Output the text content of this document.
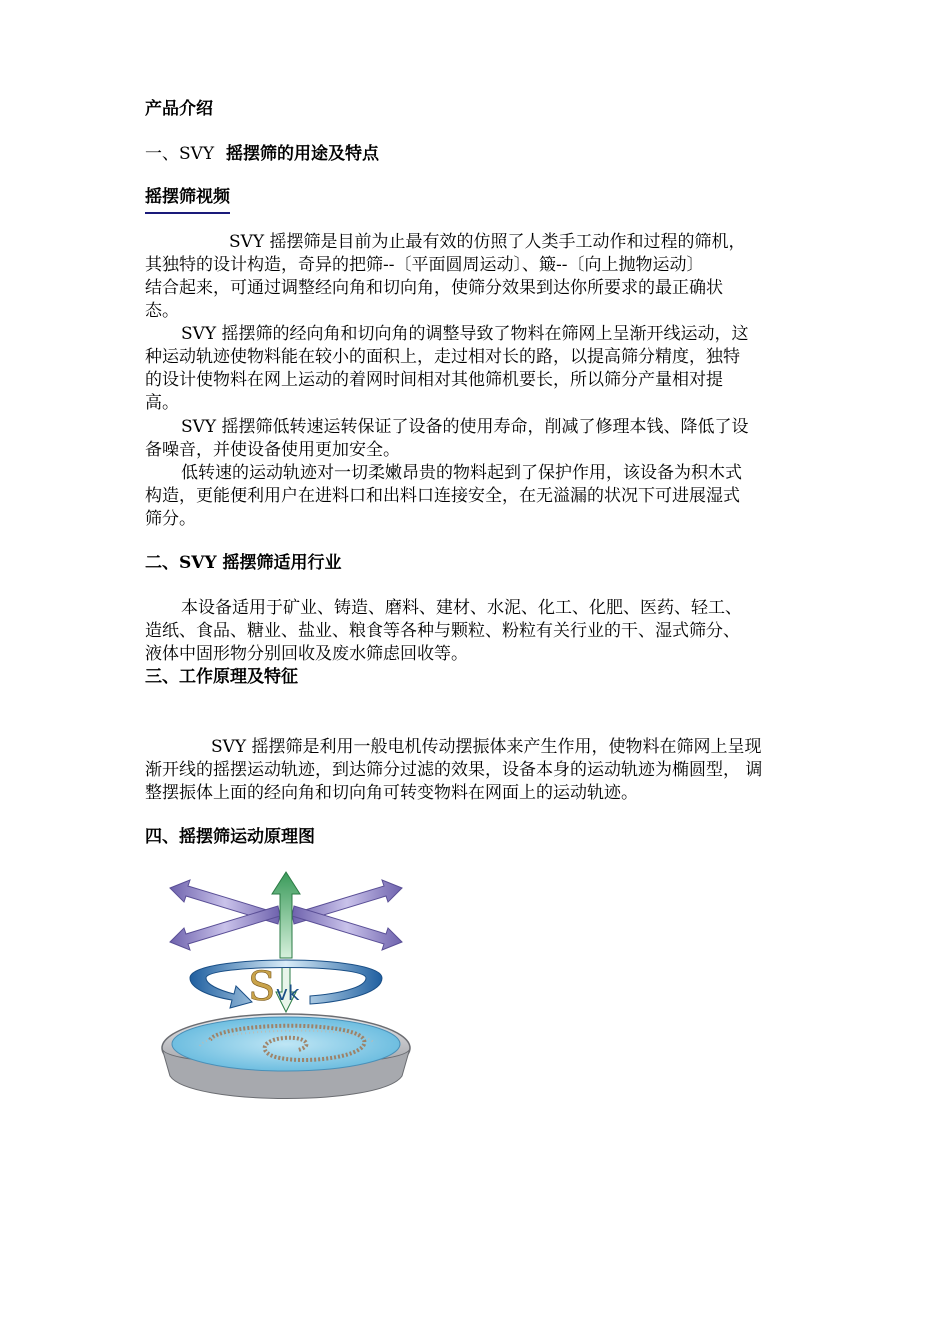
产品介绍

一、SVY 摇摆筛的用途及特点

摇摆筛视频
SVY 摇摆筛是目前为止最有效的仿照了人类手工动作和过程的筛机，
其独特的设计构造，奇异的把筛--〔平面圆周运动〕、簸--〔向上抛物运动〕
结合起来，可通过调整经向角和切向角，使筛分效果到达你所要求的最正确状
态。
SVY 摇摆筛的经向角和切向角的调整导致了物料在筛网上呈渐开线运动，这
种运动轨迹使物料能在较小的面积上，走过相对长的路，以提高筛分精度，独特
的设计使物料在网上运动的着网时间相对其他筛机要长，所以筛分产量相对提
高。
SVY 摇摆筛低转速运转保证了设备的使用寿命，削减了修理本钱、降低了设
备噪音，并使设备使用更加安全。
低转速的运动轨迹对一切柔嫩昂贵的物料起到了保护作用，该设备为积木式
构造，更能便利用户在进料口和出料口连接安全，在无溢漏的状况下可进展湿式
筛分。

二、SVY 摇摆筛适用行业

本设备适用于矿业、铸造、磨料、建材、水泥、化工、化肥、医药、轻工、
造纸、食品、糖业、盐业、粮食等各种与颗粒、粉粒有关行业的干、湿式筛分、
液体中固形物分别回收及废水筛虑回收等。

三、工作原理及特征

SVY 摇摆筛是利用一般电机传动摆振体来产生作用，使物料在筛网上呈现
渐开线的摇摆运动轨迹，到达筛分过滤的效果，设备本身的运动轨迹为椭圆型， 调
整摆振体上面的经向角和切向角可转变物料在网面上的运动轨迹。

四、摇摆筛运动原理图

S vk
